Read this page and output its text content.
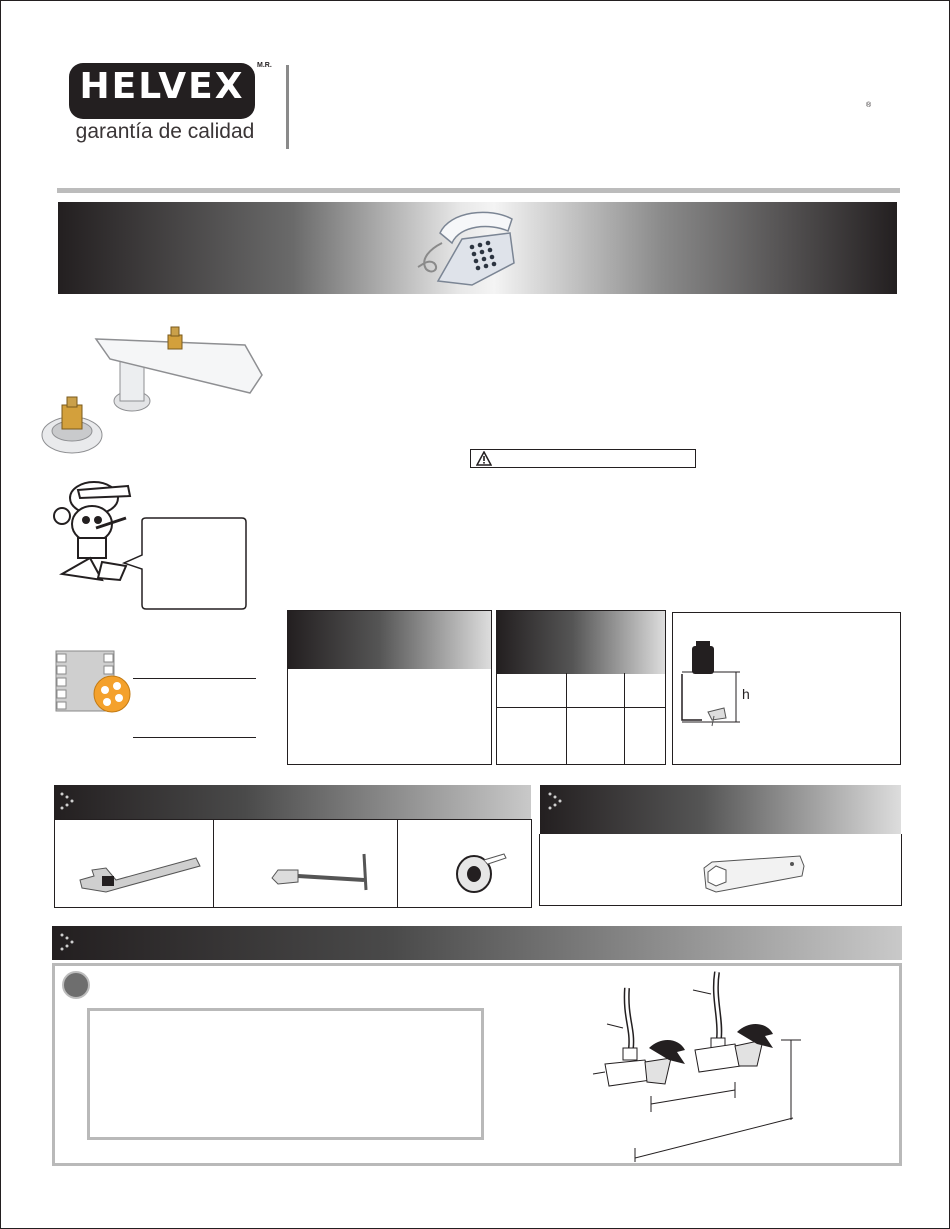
HELVEX
M.R.
garantía de calidad
®
h
